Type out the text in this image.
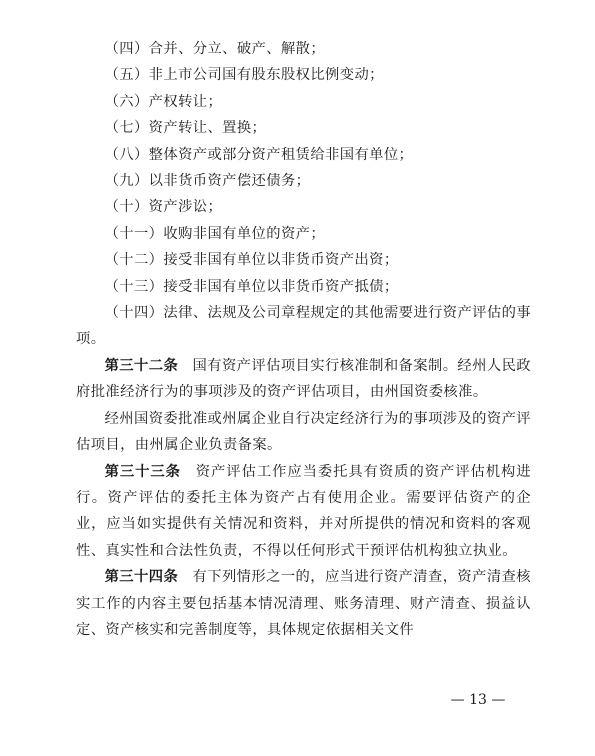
（四）合并、分立、破产、解散；

（五）非上市公司国有股东股权比例变动；

（六）产权转让；

（七）资产转让、置换；

（八）整体资产或部分资产租赁给非国有单位；

（九）以非货币资产偿还债务；

（十）资产涉讼；

（十一）收购非国有单位的资产；

（十二）接受非国有单位以非货币资产出资；

（十三）接受非国有单位以非货币资产抵债；

（十四）法律、法规及公司章程规定的其他需要进行资产评估的事项。

第三十二条 国有资产评估项目实行核准制和备案制。经州人民政府批准经济行为的事项涉及的资产评估项目，由州国资委核准。

经州国资委批准或州属企业自行决定经济行为的事项涉及的资产评估项目，由州属企业负责备案。

第三十三条 资产评估工作应当委托具有资质的资产评估机构进行。资产评估的委托主体为资产占有使用企业。需要评估资产的企业，应当如实提供有关情况和资料，并对所提供的情况和资料的客观性、真实性和合法性负责，不得以任何形式干预评估机构独立执业。

第三十四条 有下列情形之一的，应当进行资产清查，资产清查核实工作的内容主要包括基本情况清理、账务清理、财产清查、损益认定、资产核实和完善制度等，具体规定依据相关文件

— 13 —
